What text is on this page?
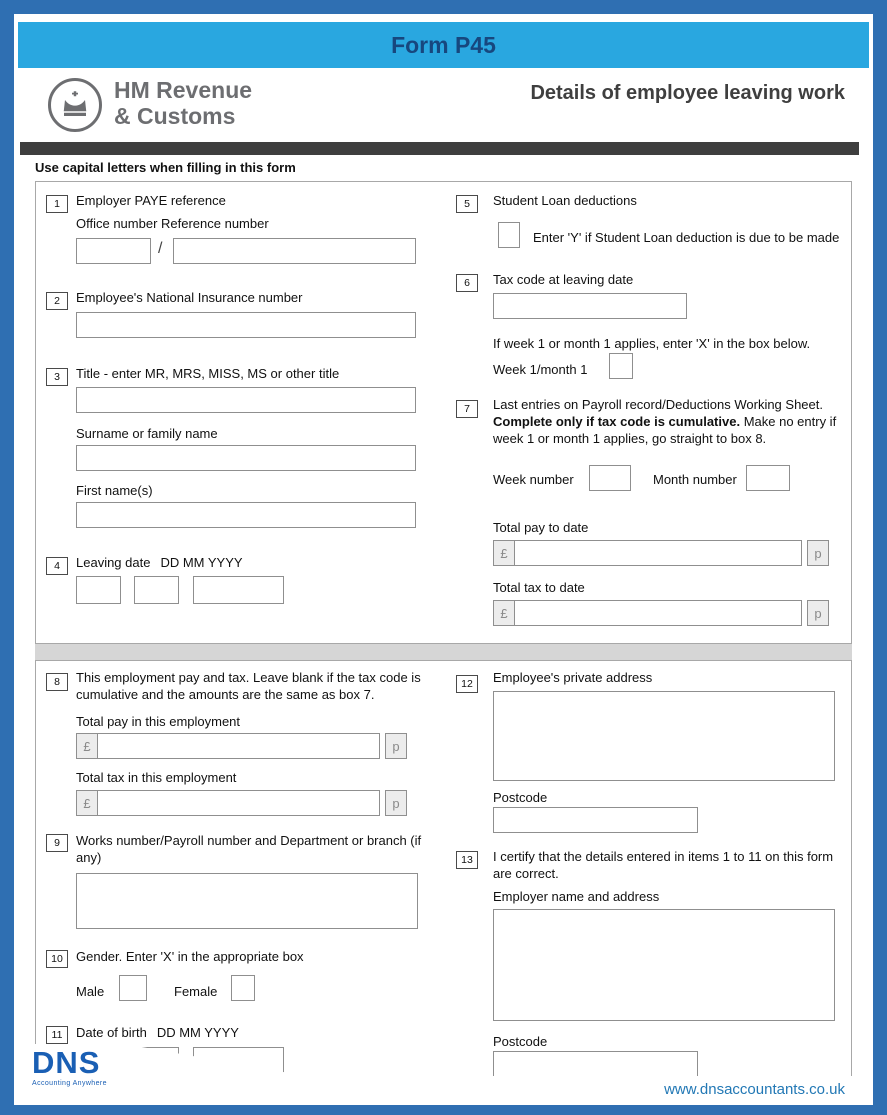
Form P45
HM Revenue
& Customs
Details of employee leaving work
Use capital letters when filling in this form
1	Employer PAYE reference
Office number Reference number
/
2	Employee's National Insurance number
3	Title - enter MR, MRS, MISS, MS or other title
Surname or family name
First name(s)
4	Leaving date DD MM YYYY
5	Student Loan deductions
Enter 'Y' if Student Loan deduction is due to be made
6	Tax code at leaving date
If week 1 or month 1 applies, enter 'X' in the box below.
Week 1/month 1
7	Last entries on Payroll record/Deductions Working Sheet. Complete only if tax code is cumulative. Make no entry if week 1 or month 1 applies, go straight to box 8.
Week number	Month number
Total pay to date
£	p
Total tax to date
£	p
8	This employment pay and tax. Leave blank if the tax code is cumulative and the amounts are the same as box 7.
Total pay in this employment
£	p
Total tax in this employment
£	p
9	Works number/Payroll number and Department or branch (if any)
10	Gender. Enter 'X' in the appropriate box
Male	Female
11	Date of birth DD MM YYYY
12	Employee's private address
Postcode
13	I certify that the details entered in items 1 to 11 on this form are correct.
Employer name and address
Postcode
www.dnsaccountants.co.uk
DNS
Accounting Anywhere
